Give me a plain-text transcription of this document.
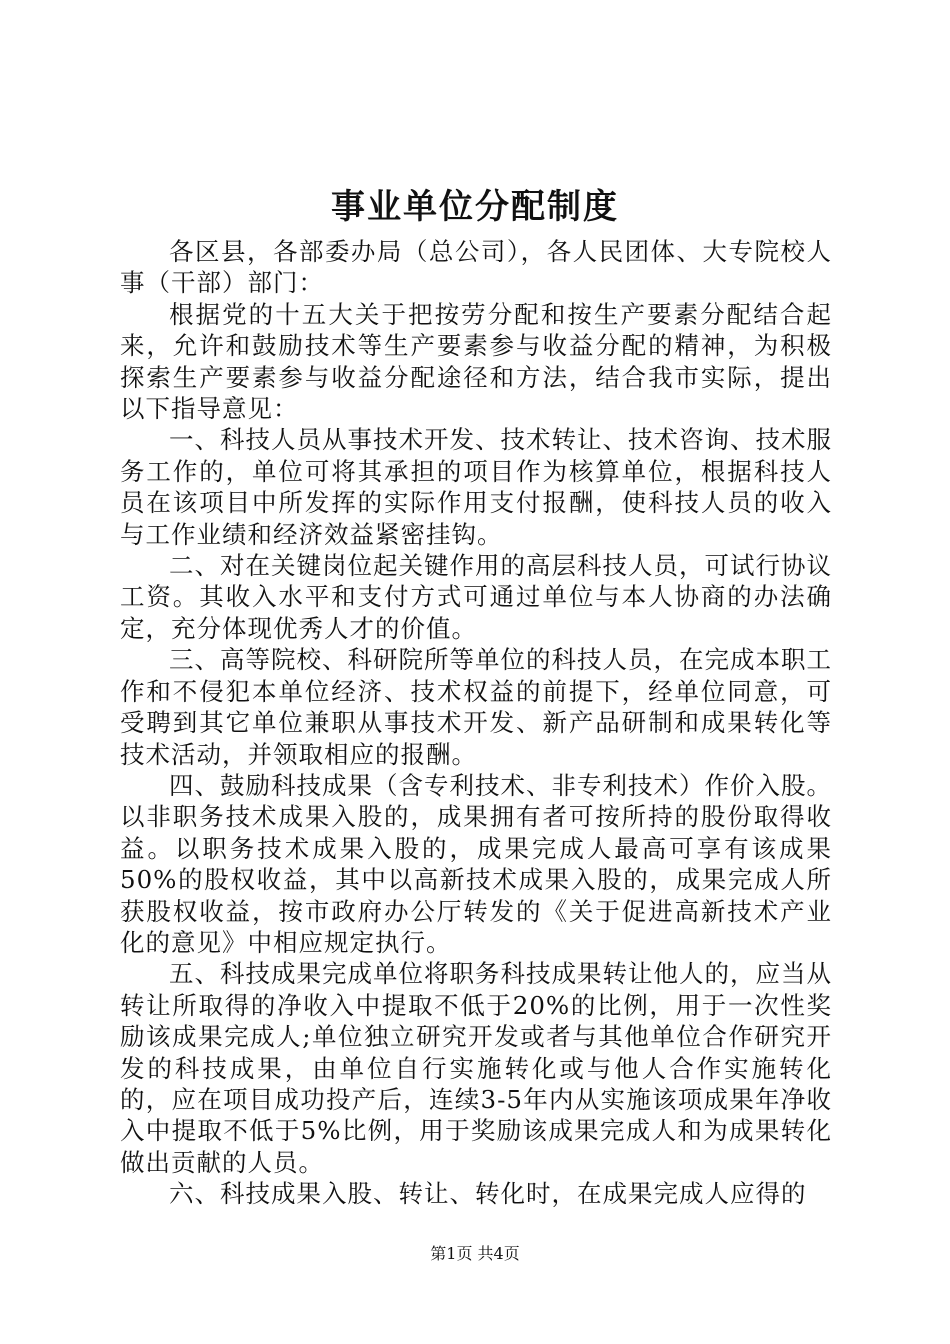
事业单位分配制度

各区县，各部委办局（总公司），各人民团体、大专院校人事（干部）部门：

根据党的十五大关于把按劳分配和按生产要素分配结合起来，允许和鼓励技术等生产要素参与收益分配的精神，为积极探索生产要素参与收益分配途径和方法，结合我市实际，提出以下指导意见：

一、科技人员从事技术开发、技术转让、技术咨询、技术服务工作的，单位可将其承担的项目作为核算单位，根据科技人员在该项目中所发挥的实际作用支付报酬，使科技人员的收入与工作业绩和经济效益紧密挂钩。

二、对在关键岗位起关键作用的高层科技人员，可试行协议工资。其收入水平和支付方式可通过单位与本人协商的办法确定，充分体现优秀人才的价值。

三、高等院校、科研院所等单位的科技人员，在完成本职工作和不侵犯本单位经济、技术权益的前提下，经单位同意，可受聘到其它单位兼职从事技术开发、新产品研制和成果转化等技术活动，并领取相应的报酬。

四、鼓励科技成果（含专利技术、非专利技术）作价入股。以非职务技术成果入股的，成果拥有者可按所持的股份取得收益。以职务技术成果入股的，成果完成人最高可享有该成果50%的股权收益，其中以高新技术成果入股的，成果完成人所获股权收益，按市政府办公厅转发的《关于促进高新技术产业化的意见》中相应规定执行。

五、科技成果完成单位将职务科技成果转让他人的，应当从转让所取得的净收入中提取不低于20%的比例，用于一次性奖励该成果完成人;单位独立研究开发或者与其他单位合作研究开发的科技成果，由单位自行实施转化或与他人合作实施转化的，应在项目成功投产后，连续3-5年内从实施该项成果年净收入中提取不低于5%比例，用于奖励该成果完成人和为成果转化做出贡献的人员。

六、科技成果入股、转让、转化时，在成果完成人应得的

第1页 共4页
